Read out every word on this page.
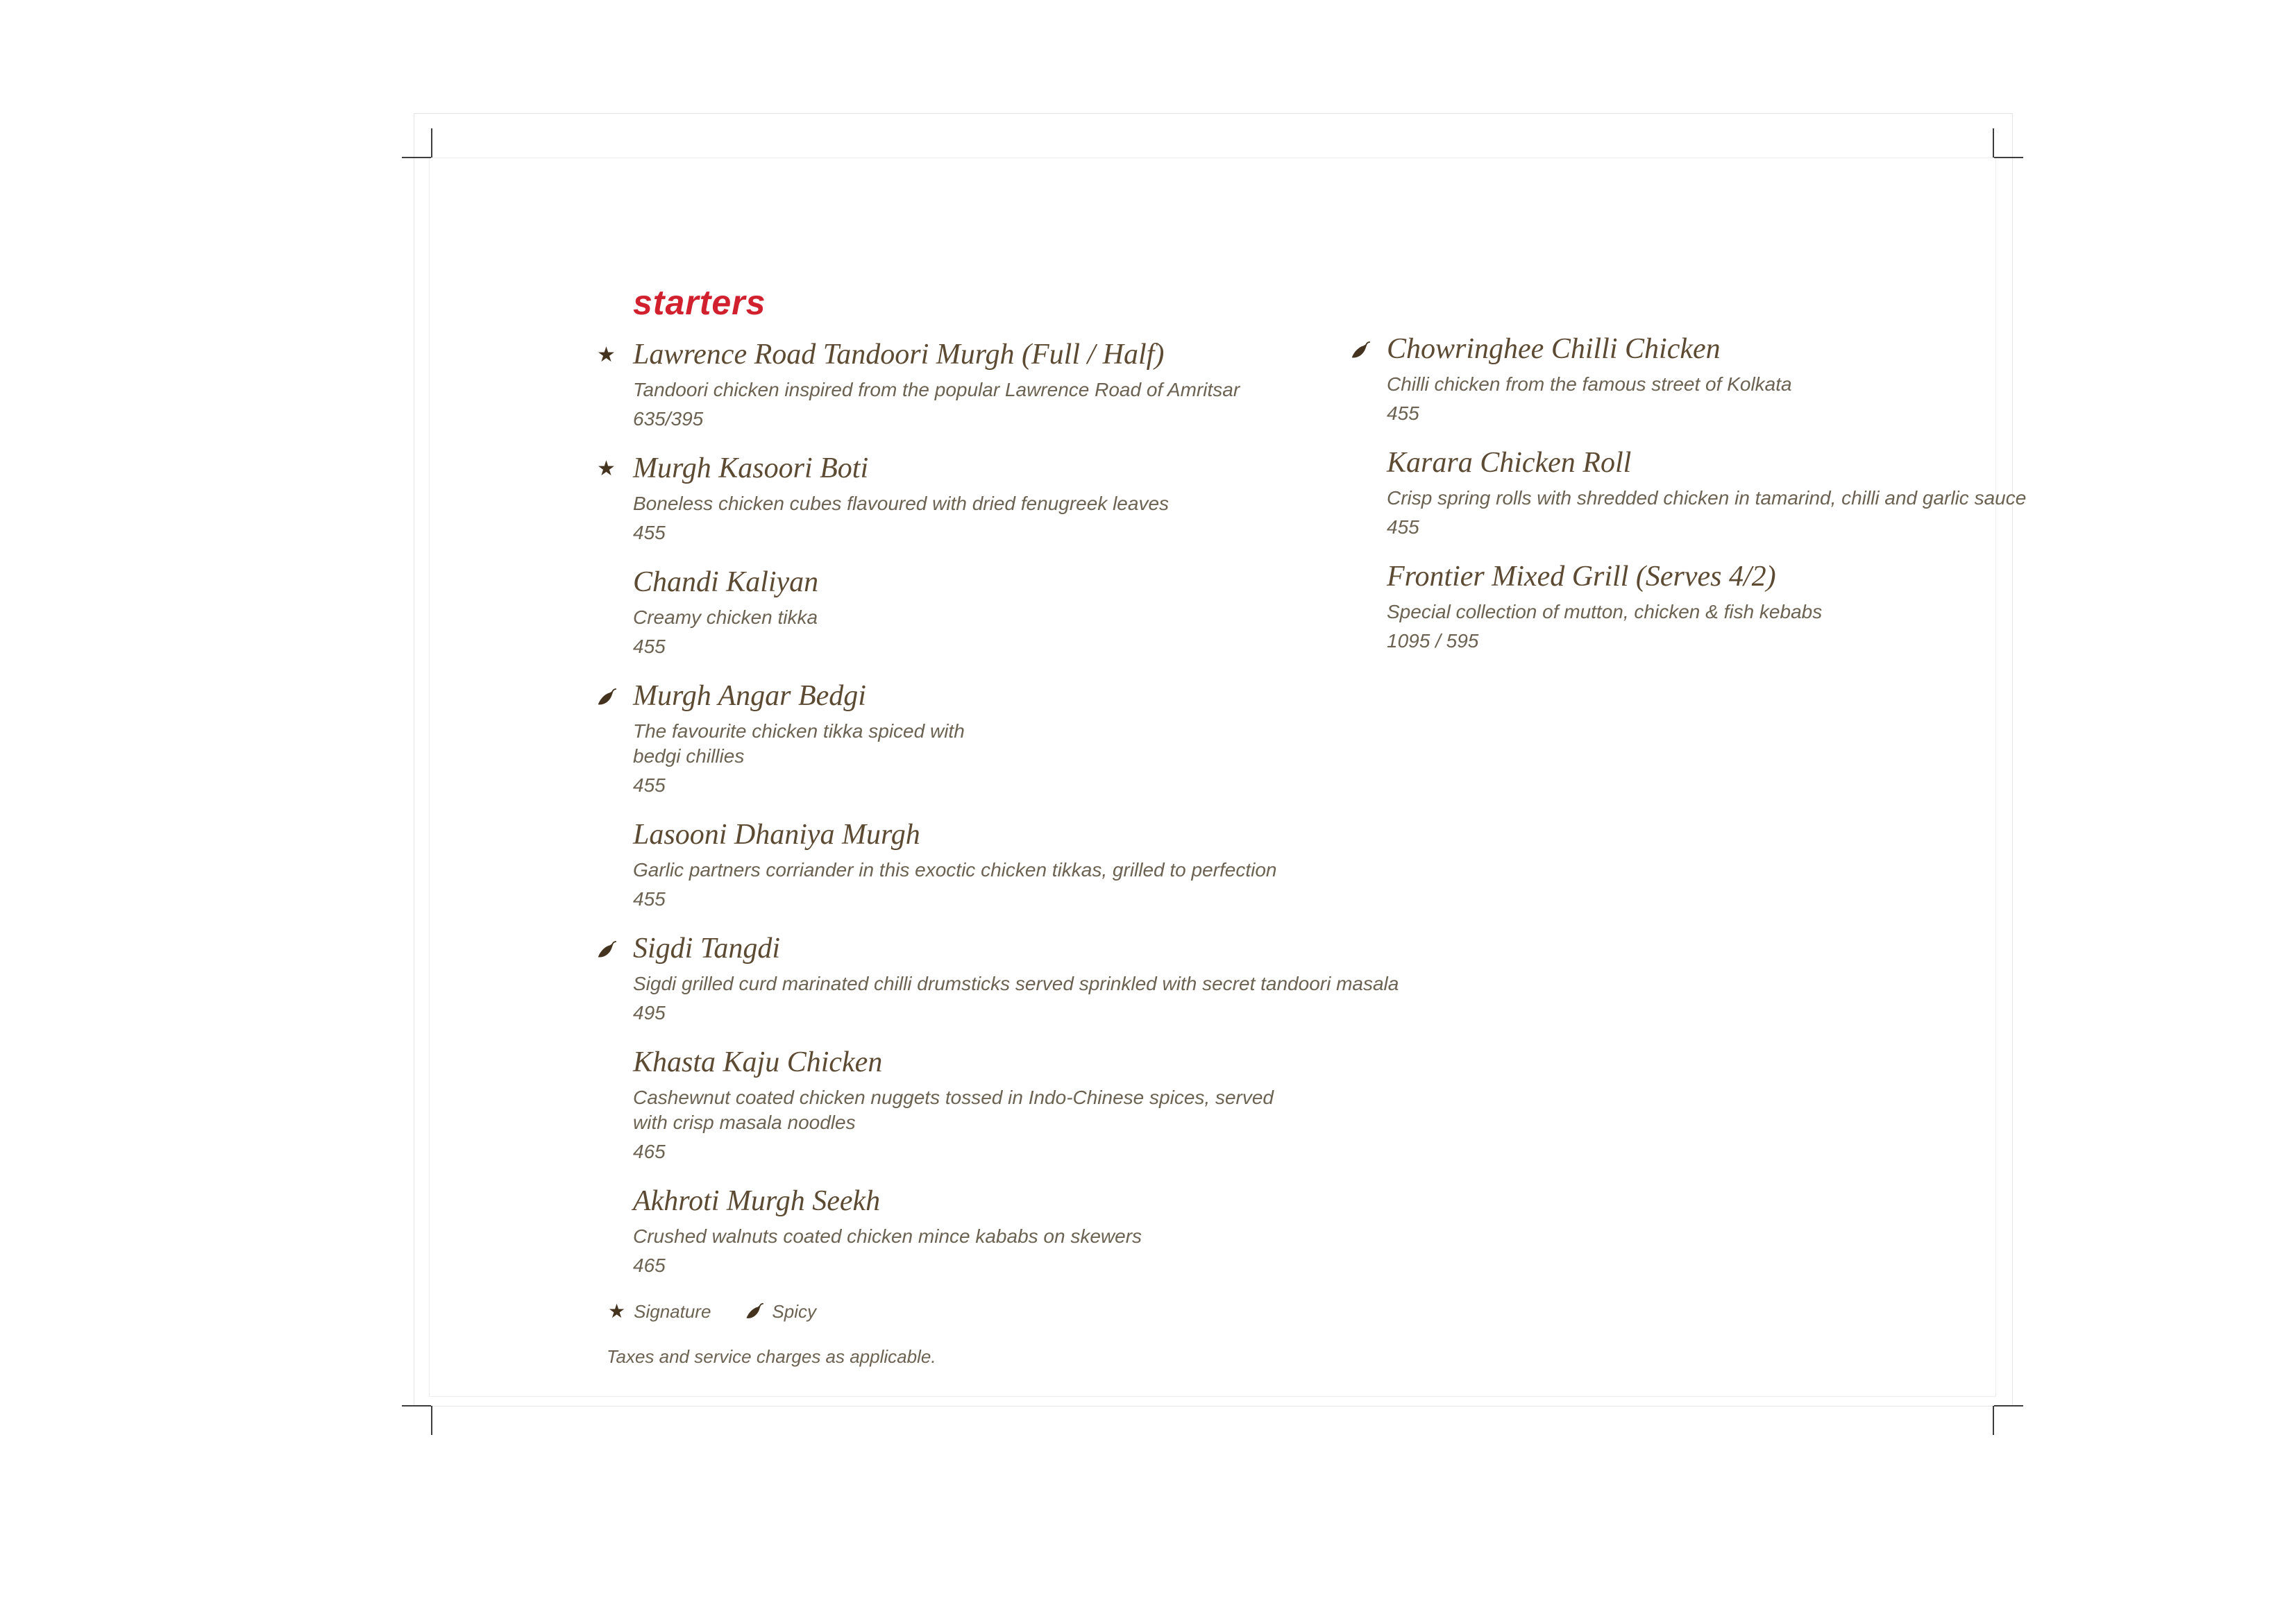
starters
★ Lawrence Road Tandoori Murgh (Full / Half)
Tandoori chicken inspired from the popular Lawrence Road of Amritsar
635/395
★ Murgh Kasoori Boti
Boneless chicken cubes flavoured with dried fenugreek leaves
455
Chandi Kaliyan
Creamy chicken tikka
455
Murgh Angar Bedgi
The favourite chicken tikka spiced with
bedgi chillies
455
Lasooni Dhaniya Murgh
Garlic partners corriander in this exoctic chicken tikkas, grilled to perfection
455
Sigdi Tangdi
Sigdi grilled curd marinated chilli drumsticks served sprinkled with secret tandoori masala
495
Khasta Kaju Chicken
Cashewnut coated chicken nuggets tossed in Indo-Chinese spices, served
with crisp masala noodles
465
Akhroti Murgh Seekh
Crushed walnuts coated chicken mince kababs on skewers
465
★ Signature	Spicy
Taxes and service charges as applicable.
Chowringhee Chilli Chicken
Chilli chicken from the famous street of Kolkata
455
Karara Chicken Roll
Crisp spring rolls with shredded chicken in tamarind, chilli and garlic sauce
455
Frontier Mixed Grill (Serves 4/2)
Special collection of mutton, chicken & fish kebabs
1095 / 595
